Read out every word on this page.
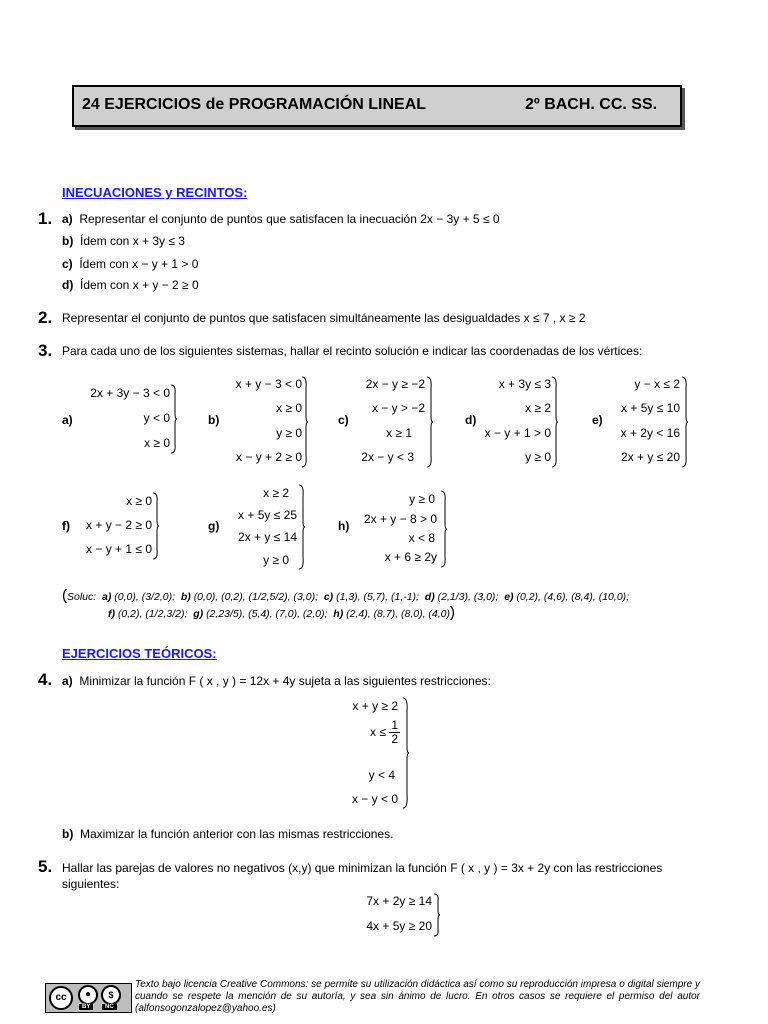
24 EJERCICIOS de PROGRAMACIÓN LINEAL	2º BACH. CC. SS.
INECUACIONES y RECINTOS:
1. a) Representar el conjunto de puntos que satisfacen la inecuación 2x − 3y + 5 ≤ 0
b) Ídem con x + 3y ≤ 3
c) Ídem con x − y + 1 > 0
d) Ídem con x + y − 2 ≥ 0
2. Representar el conjunto de puntos que satisfacen simultáneamente las desigualdades x ≤ 7 , x ≥ 2
3. Para cada uno de los siguientes sistemas, hallar el recinto solución e indicar las coordenadas de los vértices:
a)
2x + 3y − 3 < 0
y < 0
x ≥ 0
b)
x + y − 3 < 0
x ≥ 0
y ≥ 0
x − y + 2 ≥ 0
c)
2x − y ≥ −2
x − y > −2
x ≥ 1
2x − y < 3
d)
x + 3y ≤ 3
x ≥ 2
x − y + 1 > 0
y ≥ 0
e)
y − x ≤ 2
x + 5y ≤ 10
x + 2y < 16
2x + y ≤ 20
f)
x ≥ 0
x + y − 2 ≥ 0
x − y + 1 ≤ 0
g)
x ≥ 2
x + 5y ≤ 25
2x + y ≤ 14
y ≥ 0
h)
y ≥ 0
2x + y − 8 > 0
x < 8
x + 6 ≥ 2y
(Soluc: a) (0,0), (3/2,0); b) (0,0), (0,2), (1/2,5/2), (3,0); c) (1,3), (5,7), (1,-1); d) (2,1/3), (3,0); e) (0,2), (4,6), (8,4), (10,0);
f) (0,2), (1/2,3/2); g) (2,23/5), (5,4), (7,0), (2,0); h) (2,4), (8,7), (8,0), (4,0))
EJERCICIOS TEÓRICOS:
4. a) Minimizar la función F ( x , y ) = 12x + 4y sujeta a las siguientes restricciones:
x + y ≥ 2
$x \le \frac{1}{2}$
y < 4
x − y < 0
b) Maximizar la función anterior con las mismas restricciones.
5. Hallar las parejas de valores no negativos (x,y) que minimizan la función F ( x , y ) = 3x + 2y con las restricciones
siguientes:
7x + 2y ≥ 14
4x + 5y ≥ 20
cc	●	$
BY	NC
Texto bajo licencia Creative Commons: se permite su utilización didáctica así como su reproducción impresa o digital siempre y cuando se respete la mención de su autoría, y sea sin ánimo de lucro. En otros casos se requiere el permiso del autor (alfonsogonzalopez@yahoo.es)
